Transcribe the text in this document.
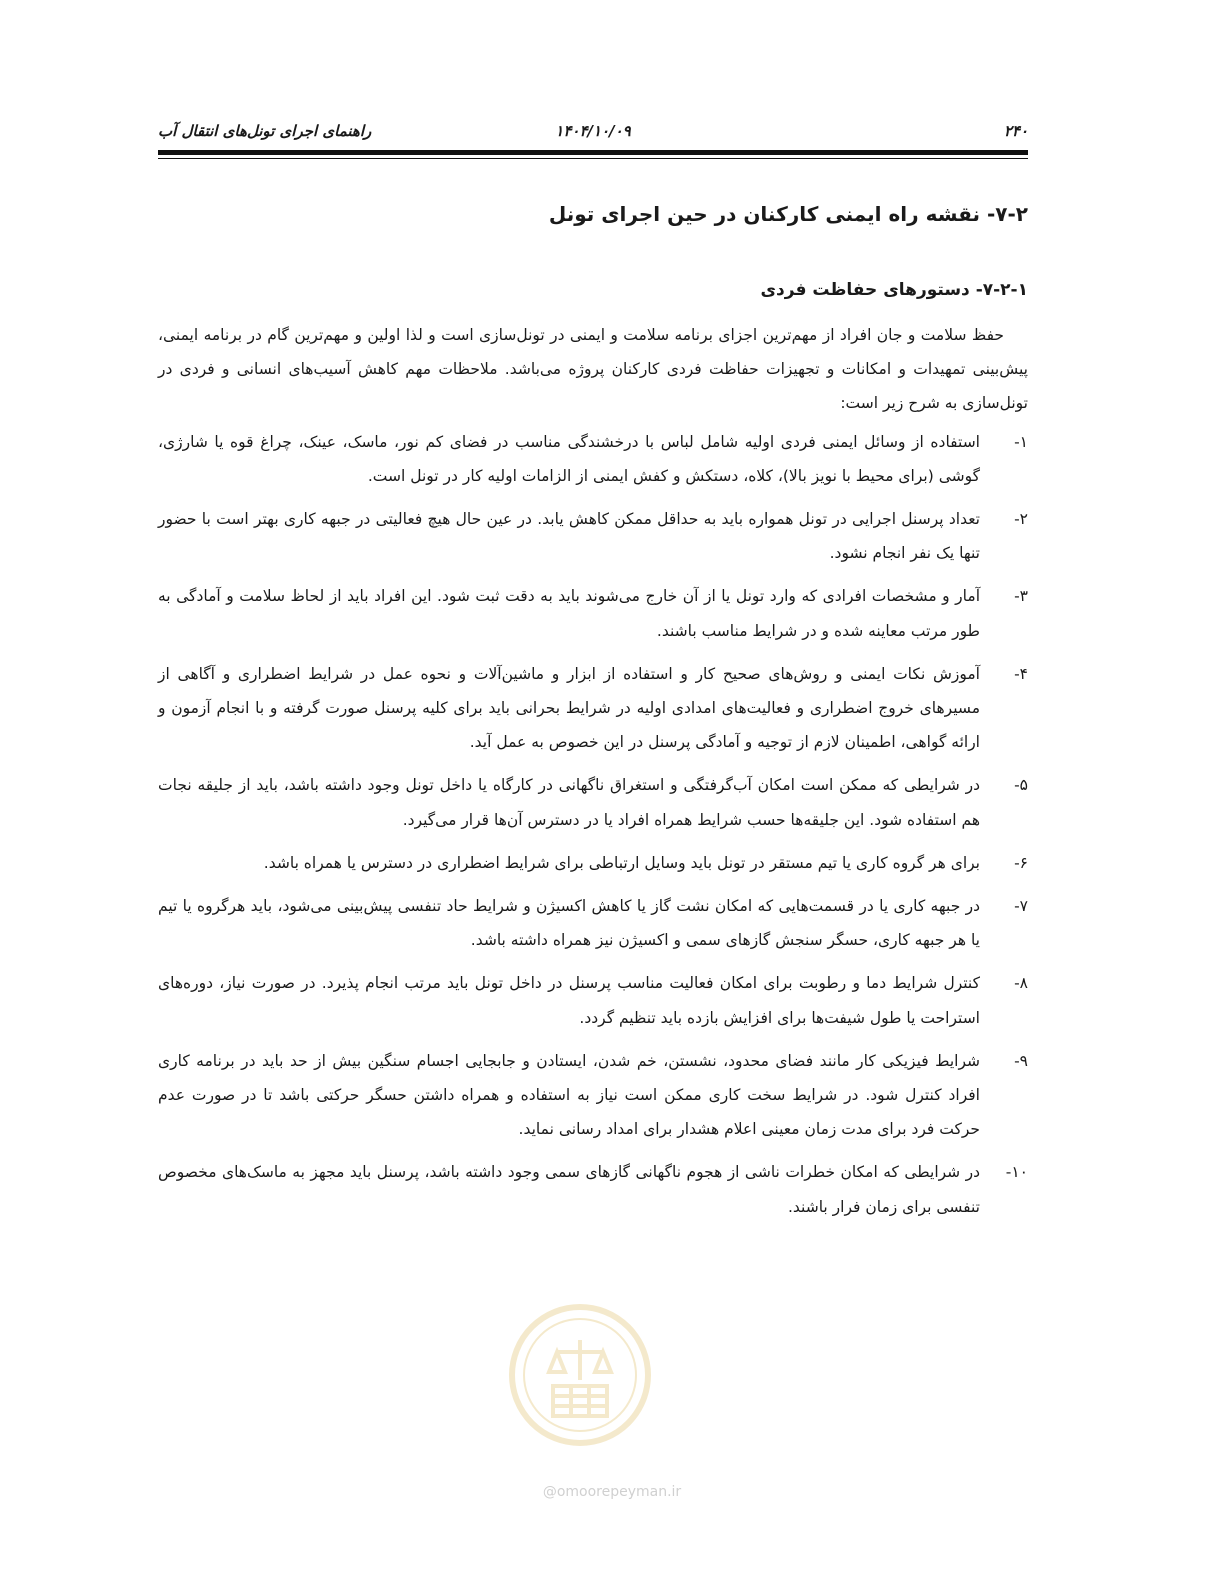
راهنمای اجرای تونل‌های انتقال آب	۱۴۰۴/۱۰/۰۹	۲۴۰
۷-۲- نقشه راه ایمنی کارکنان در حین اجرای تونل
۷-۲-۱- دستورهای حفاظت فردی

حفظ سلامت و جان افراد از مهم‌ترین اجزای برنامه سلامت و ایمنی در تونل‌سازی است و لذا اولین و مهم‌ترین گام در برنامه ایمنی، پیش‌بینی تمهیدات و امکانات و تجهیزات حفاظت فردی کارکنان پروژه می‌باشد. ملاحظات مهم کاهش آسیب‌های انسانی و فردی در تونل‌سازی به شرح زیر است:

۱-
استفاده از وسائل ایمنی فردی اولیه شامل لباس با درخشندگی مناسب در فضای کم نور، ماسک، عینک، چراغ قوه یا شارژی، گوشی (برای محیط با نویز بالا)، کلاه، دستکش و کفش ایمنی از الزامات اولیه کار در تونل است.
۲-
تعداد پرسنل اجرایی در تونل همواره باید به حداقل ممکن کاهش یابد. در عین حال هیچ فعالیتی در جبهه کاری بهتر است با حضور تنها یک نفر انجام نشود.
۳-
آمار و مشخصات افرادی که وارد تونل یا از آن خارج می‌شوند باید به دقت ثبت شود. این افراد باید از لحاظ سلامت و آمادگی به طور مرتب معاینه شده و در شرایط مناسب باشند.
۴-
آموزش نکات ایمنی و روش‌های صحیح کار و استفاده از ابزار و ماشین‌آلات و نحوه عمل در شرایط اضطراری و آگاهی از مسیرهای خروج اضطراری و فعالیت‌های امدادی اولیه در شرایط بحرانی باید برای کلیه پرسنل صورت گرفته و با انجام آزمون و ارائه گواهی، اطمینان لازم از توجیه و آمادگی پرسنل در این خصوص به عمل آید.
۵-
در شرایطی که ممکن است امکان آب‌گرفتگی و استغراق ناگهانی در کارگاه یا داخل تونل وجود داشته باشد، باید از جلیقه نجات هم استفاده شود. این جلیقه‌ها حسب شرایط همراه افراد یا در دسترس آن‌ها قرار می‌گیرد.
۶-
برای هر گروه کاری یا تیم مستقر در تونل باید وسایل ارتباطی برای شرایط اضطراری در دسترس یا همراه باشد.
۷-
در جبهه کاری یا در قسمت‌هایی که امکان نشت گاز یا کاهش اکسیژن و شرایط حاد تنفسی پیش‌بینی می‌شود، باید هرگروه یا تیم یا هر جبهه کاری، حسگر سنجش گازهای سمی و اکسیژن نیز همراه داشته باشد.
۸-
کنترل شرایط دما و رطوبت برای امکان فعالیت مناسب پرسنل در داخل تونل باید مرتب انجام پذیرد. در صورت نیاز، دوره‌های استراحت یا طول شیفت‌ها برای افزایش بازده باید تنظیم گردد.
۹-
شرایط فیزیکی کار مانند فضای محدود، نشستن، خم شدن، ایستادن و جابجایی اجسام سنگین بیش از حد باید در برنامه کاری افراد کنترل شود. در شرایط سخت کاری ممکن است نیاز به استفاده و همراه داشتن حسگر حرکتی باشد تا در صورت عدم حرکت فرد برای مدت زمان معینی اعلام هشدار برای امداد رسانی نماید.
۱۰-
در شرایطی که امکان خطرات ناشی از هجوم ناگهانی گازهای سمی وجود داشته باشد، پرسنل باید مجهز به ماسک‌های مخصوص تنفسی برای زمان فرار باشند.
@omoorepeyman.ir
